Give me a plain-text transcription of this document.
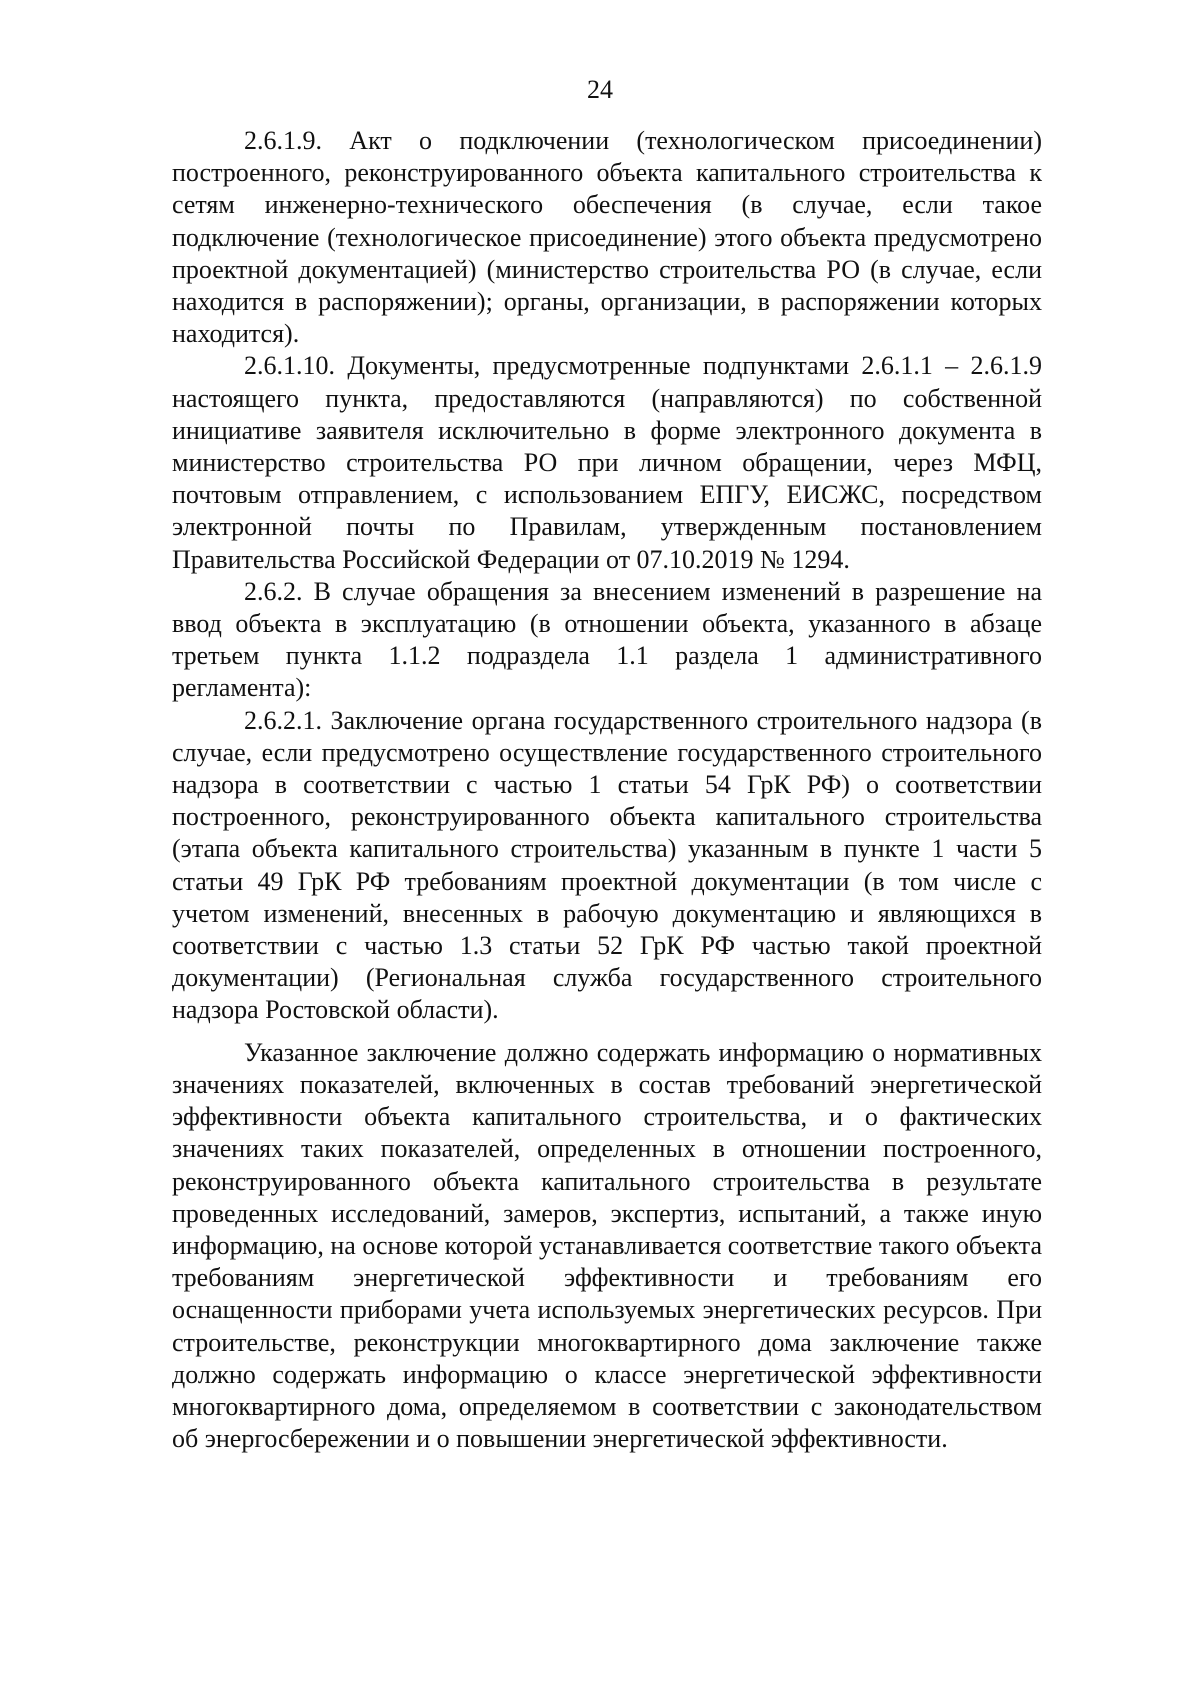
24

2.6.1.9. Акт о подключении (технологическом присоединении) построенного, реконструированного объекта капитального строительства к сетям инженерно-технического обеспечения (в случае, если такое подключение (технологическое присоединение) этого объекта предусмотрено проектной документацией) (министерство строительства РО (в случае, если находится в распоряжении); органы, организации, в распоряжении которых находится).

2.6.1.10. Документы, предусмотренные подпунктами 2.6.1.1 – 2.6.1.9 настоящего пункта, предоставляются (направляются) по собственной инициативе заявителя исключительно в форме электронного документа в министерство строительства РО при личном обращении, через МФЦ, почтовым отправлением, с использованием ЕПГУ, ЕИСЖС, посредством электронной почты по Правилам, утвержденным постановлением Правительства Российской Федерации от 07.10.2019 № 1294.

2.6.2. В случае обращения за внесением изменений в разрешение на ввод объекта в эксплуатацию (в отношении объекта, указанного в абзаце третьем пункта 1.1.2 подраздела 1.1 раздела 1 административного регламента):

2.6.2.1. Заключение органа государственного строительного надзора (в случае, если предусмотрено осуществление государственного строительного надзора в соответствии с частью 1 статьи 54 ГрК РФ) о соответствии построенного, реконструированного объекта капитального строительства (этапа объекта капитального строительства) указанным в пункте 1 части 5 статьи 49 ГрК РФ требованиям проектной документации (в том числе с учетом изменений, внесенных в рабочую документацию и являющихся в соответствии с частью 1.3 статьи 52 ГрК РФ частью такой проектной документации) (Региональная служба государственного строительного надзора Ростовской области).

Указанное заключение должно содержать информацию о нормативных значениях показателей, включенных в состав требований энергетической эффективности объекта капитального строительства, и о фактических значениях таких показателей, определенных в отношении построенного, реконструированного объекта капитального строительства в результате проведенных исследований, замеров, экспертиз, испытаний, а также иную информацию, на основе которой устанавливается соответствие такого объекта требованиям энергетической эффективности и требованиям его оснащенности приборами учета используемых энергетических ресурсов. При строительстве, реконструкции многоквартирного дома заключение также должно содержать информацию о классе энергетической эффективности многоквартирного дома, определяемом в соответствии с законодательством об энергосбережении и о повышении энергетической эффективности.
